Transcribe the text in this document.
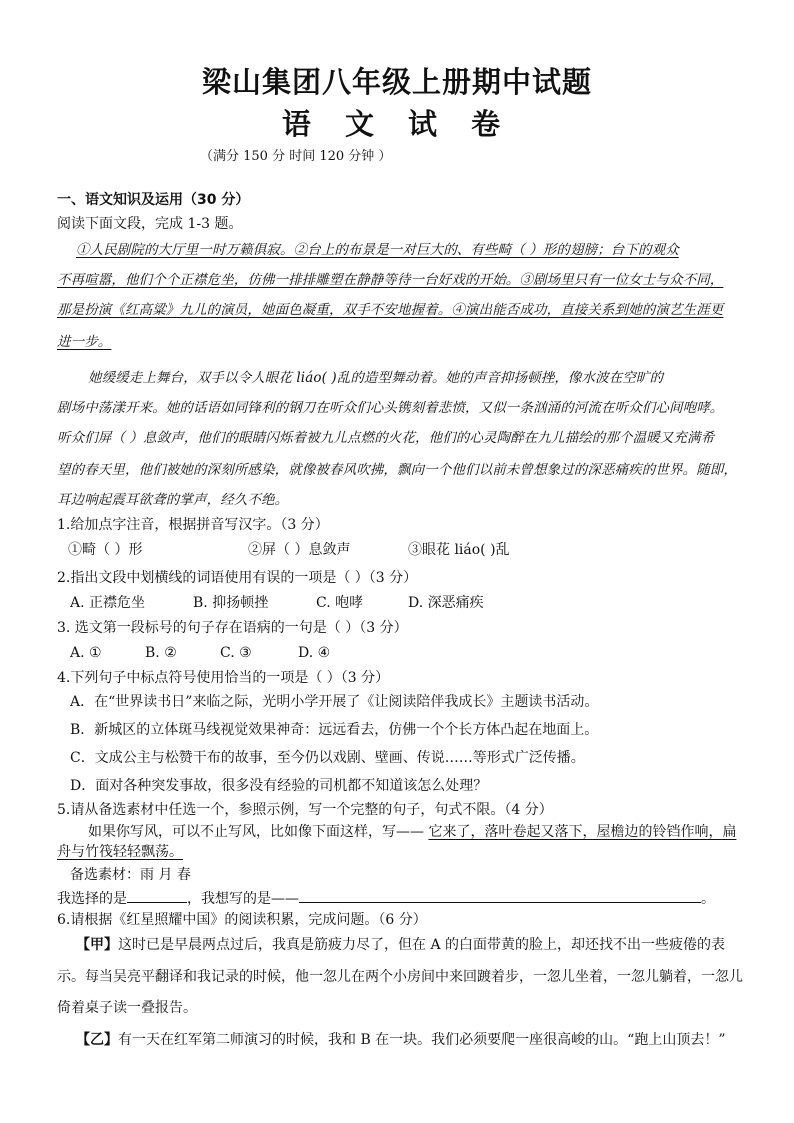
梁山集团八年级上册期中试题
语 文 试 卷
（满分 150 分 时间 120 分钟 ）
一、语文知识及运用（30 分）
阅读下面文段，完成 1-3 题。
①人民剧院的大厅里一时万籁俱寂。②台上的布景是一对巨大的、有些畸（ ）形的翅膀；台下的观众
不再喧嚣，他们个个正襟危坐，仿佛一排排雕塑在静静等待一台好戏的开始。③剧场里只有一位女士与众不同，
那是扮演《红高粱》九儿的演员，她面色凝重，双手不安地握着。④演出能否成功，直接关系到她的演艺生涯更
进一步。
她缓缓走上舞台，双手以令人眼花 liáo( )乱的造型舞动着。她的声音抑扬顿挫，像水波在空旷的
剧场中荡漾开来。她的话语如同锋利的钢刀在听众们心头镌刻着悲愤，又似一条汹涌的河流在听众们心间咆哮。
听众们屏（ ）息敛声，他们的眼睛闪烁着被九儿点燃的火花，他们的心灵陶醉在九儿描绘的那个温暖又充满希
望的春天里，他们被她的深刻所感染，就像被春风吹拂，飘向一个他们以前未曾想象过的深恶痛疾的世界。随即，
耳边响起震耳欲聋的掌声，经久不绝。
1.给加点字注音，根据拼音写汉字。（3 分）
①畸（ ）形	②屏（ ）息敛声	③眼花 liáo( )乱
2.指出文段中划横线的词语使用有误的一项是（ ）（3 分）
A. 正襟危坐	B. 抑扬顿挫	C. 咆哮	D. 深恶痛疾
3. 选文第一段标号的句子存在语病的一句是（ ）（3 分）
A. ①	B. ②	C. ③	D. ④
4.下列句子中标点符号使用恰当的一项是（ ）（3 分）
A．在“世界读书日”来临之际，光明小学开展了《让阅读陪伴我成长》主题读书活动。
B．新城区的立体斑马线视觉效果神奇：远远看去，仿佛一个个长方体凸起在地面上。
C．文成公主与松赞干布的故事，至今仍以戏剧、壁画、传说……等形式广泛传播。
D．面对各种突发事故，很多没有经验的司机都不知道该怎么处理？
5.请从备选素材中任选一个，参照示例，写一个完整的句子，句式不限。（4 分）
如果你写风，可以不止写风，比如像下面这样，写—— 它来了，落叶卷起又落下，屋檐边的铃铛作响，扁
舟与竹筏轻轻飘荡。
备选素材：雨 月 春
我选择的是	，我想写的是——	。
6.请根据《红星照耀中国》的阅读积累，完成问题。（6 分）
【甲】这时已是早晨两点过后，我真是筋疲力尽了，但在 A 的白面带黄的脸上，却还找不出一些疲倦的表
示。每当吴亮平翻译和我记录的时候，他一忽儿在两个小房间中来回踱着步，一忽儿坐着，一忽儿躺着，一忽儿
倚着桌子读一叠报告。
【乙】有一天在红军第二师演习的时候，我和 B 在一块。我们必须要爬一座很高峻的山。“跑上山顶去！”
